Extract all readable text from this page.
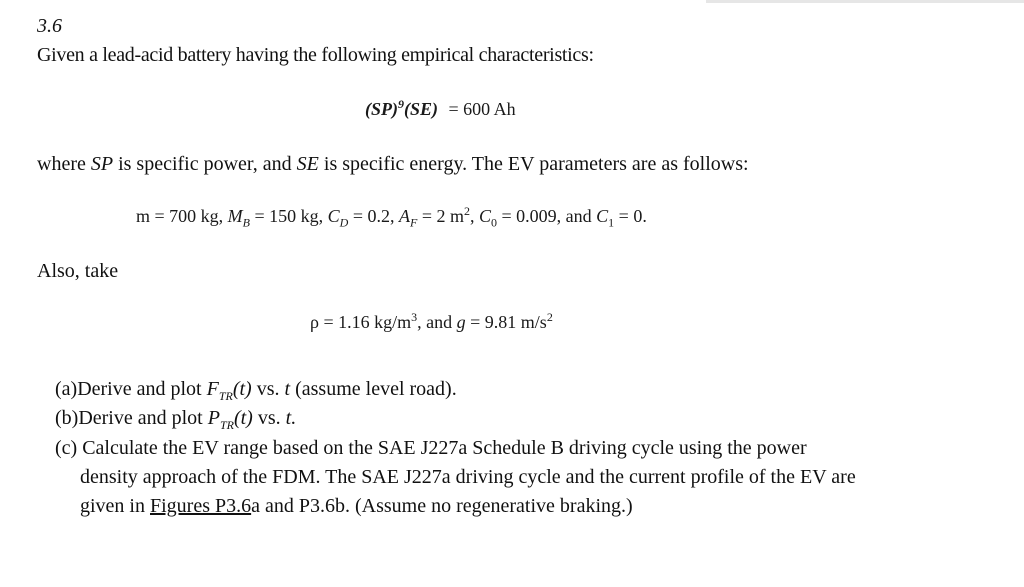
3.6
Given a lead-acid battery having the following empirical characteristics:
(SP)$^9$(SE) = 600 Ah
where SP is specific power, and SE is specific energy. The EV parameters are as follows:
m = 700 kg, $M_B = 150$ kg, $C_D = 0.2$, $A_F = 2$ $m^2$, $C_0 = 0.009$, and $C_1 = 0$.
Also, take
ρ = 1.16 $kg/m^3$, and g = 9.81 $m/s^2$
(a)Derive and plot $F_{TR}(t)$ vs. t (assume level road).
(b)Derive and plot $P_{TR}(t)$ vs. t.
(c) Calculate the EV range based on the SAE J227a Schedule B driving cycle using the power
density approach of the FDM. The SAE J227a driving cycle and the current profile of the EV are
given in Figures P3.6a and P3.6b. (Assume no regenerative braking.)
